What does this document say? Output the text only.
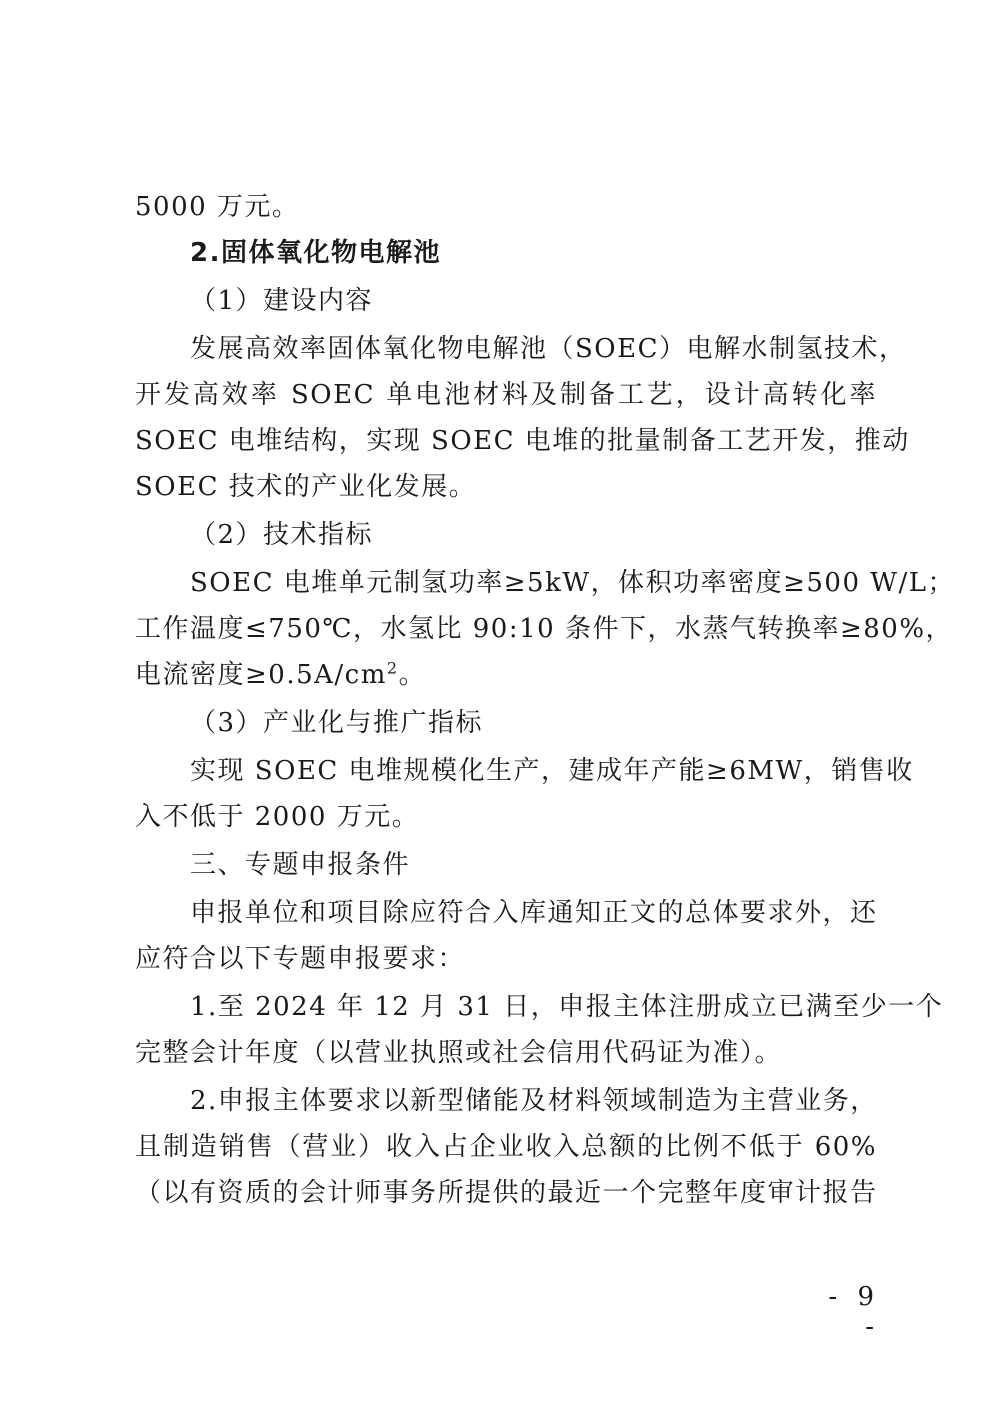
5000 万元。
2.固体氧化物电解池
（1）建设内容
发展高效率固体氧化物电解池（SOEC）电解水制氢技术，
开发高效率 SOEC 单电池材料及制备工艺，设计高转化率
SOEC 电堆结构，实现 SOEC 电堆的批量制备工艺开发，推动
SOEC 技术的产业化发展。
（2）技术指标
SOEC 电堆单元制氢功率≥5kW，体积功率密度≥500 W/L；
工作温度≤750℃，水氢比 90:10 条件下，水蒸气转换率≥80%，
电流密度$\ge 0.5A/cm^2$。
（3）产业化与推广指标
实现 SOEC 电堆规模化生产，建成年产能≥6MW，销售收
入不低于 2000 万元。
三、专题申报条件
申报单位和项目除应符合入库通知正文的总体要求外，还
应符合以下专题申报要求：
1.至 2024 年 12 月 31 日，申报主体注册成立已满至少一个
完整会计年度（以营业执照或社会信用代码证为准）。
2.申报主体要求以新型储能及材料领域制造为主营业务，
且制造销售（营业）收入占企业收入总额的比例不低于 60%
（以有资质的会计师事务所提供的最近一个完整年度审计报告
- 9 -
